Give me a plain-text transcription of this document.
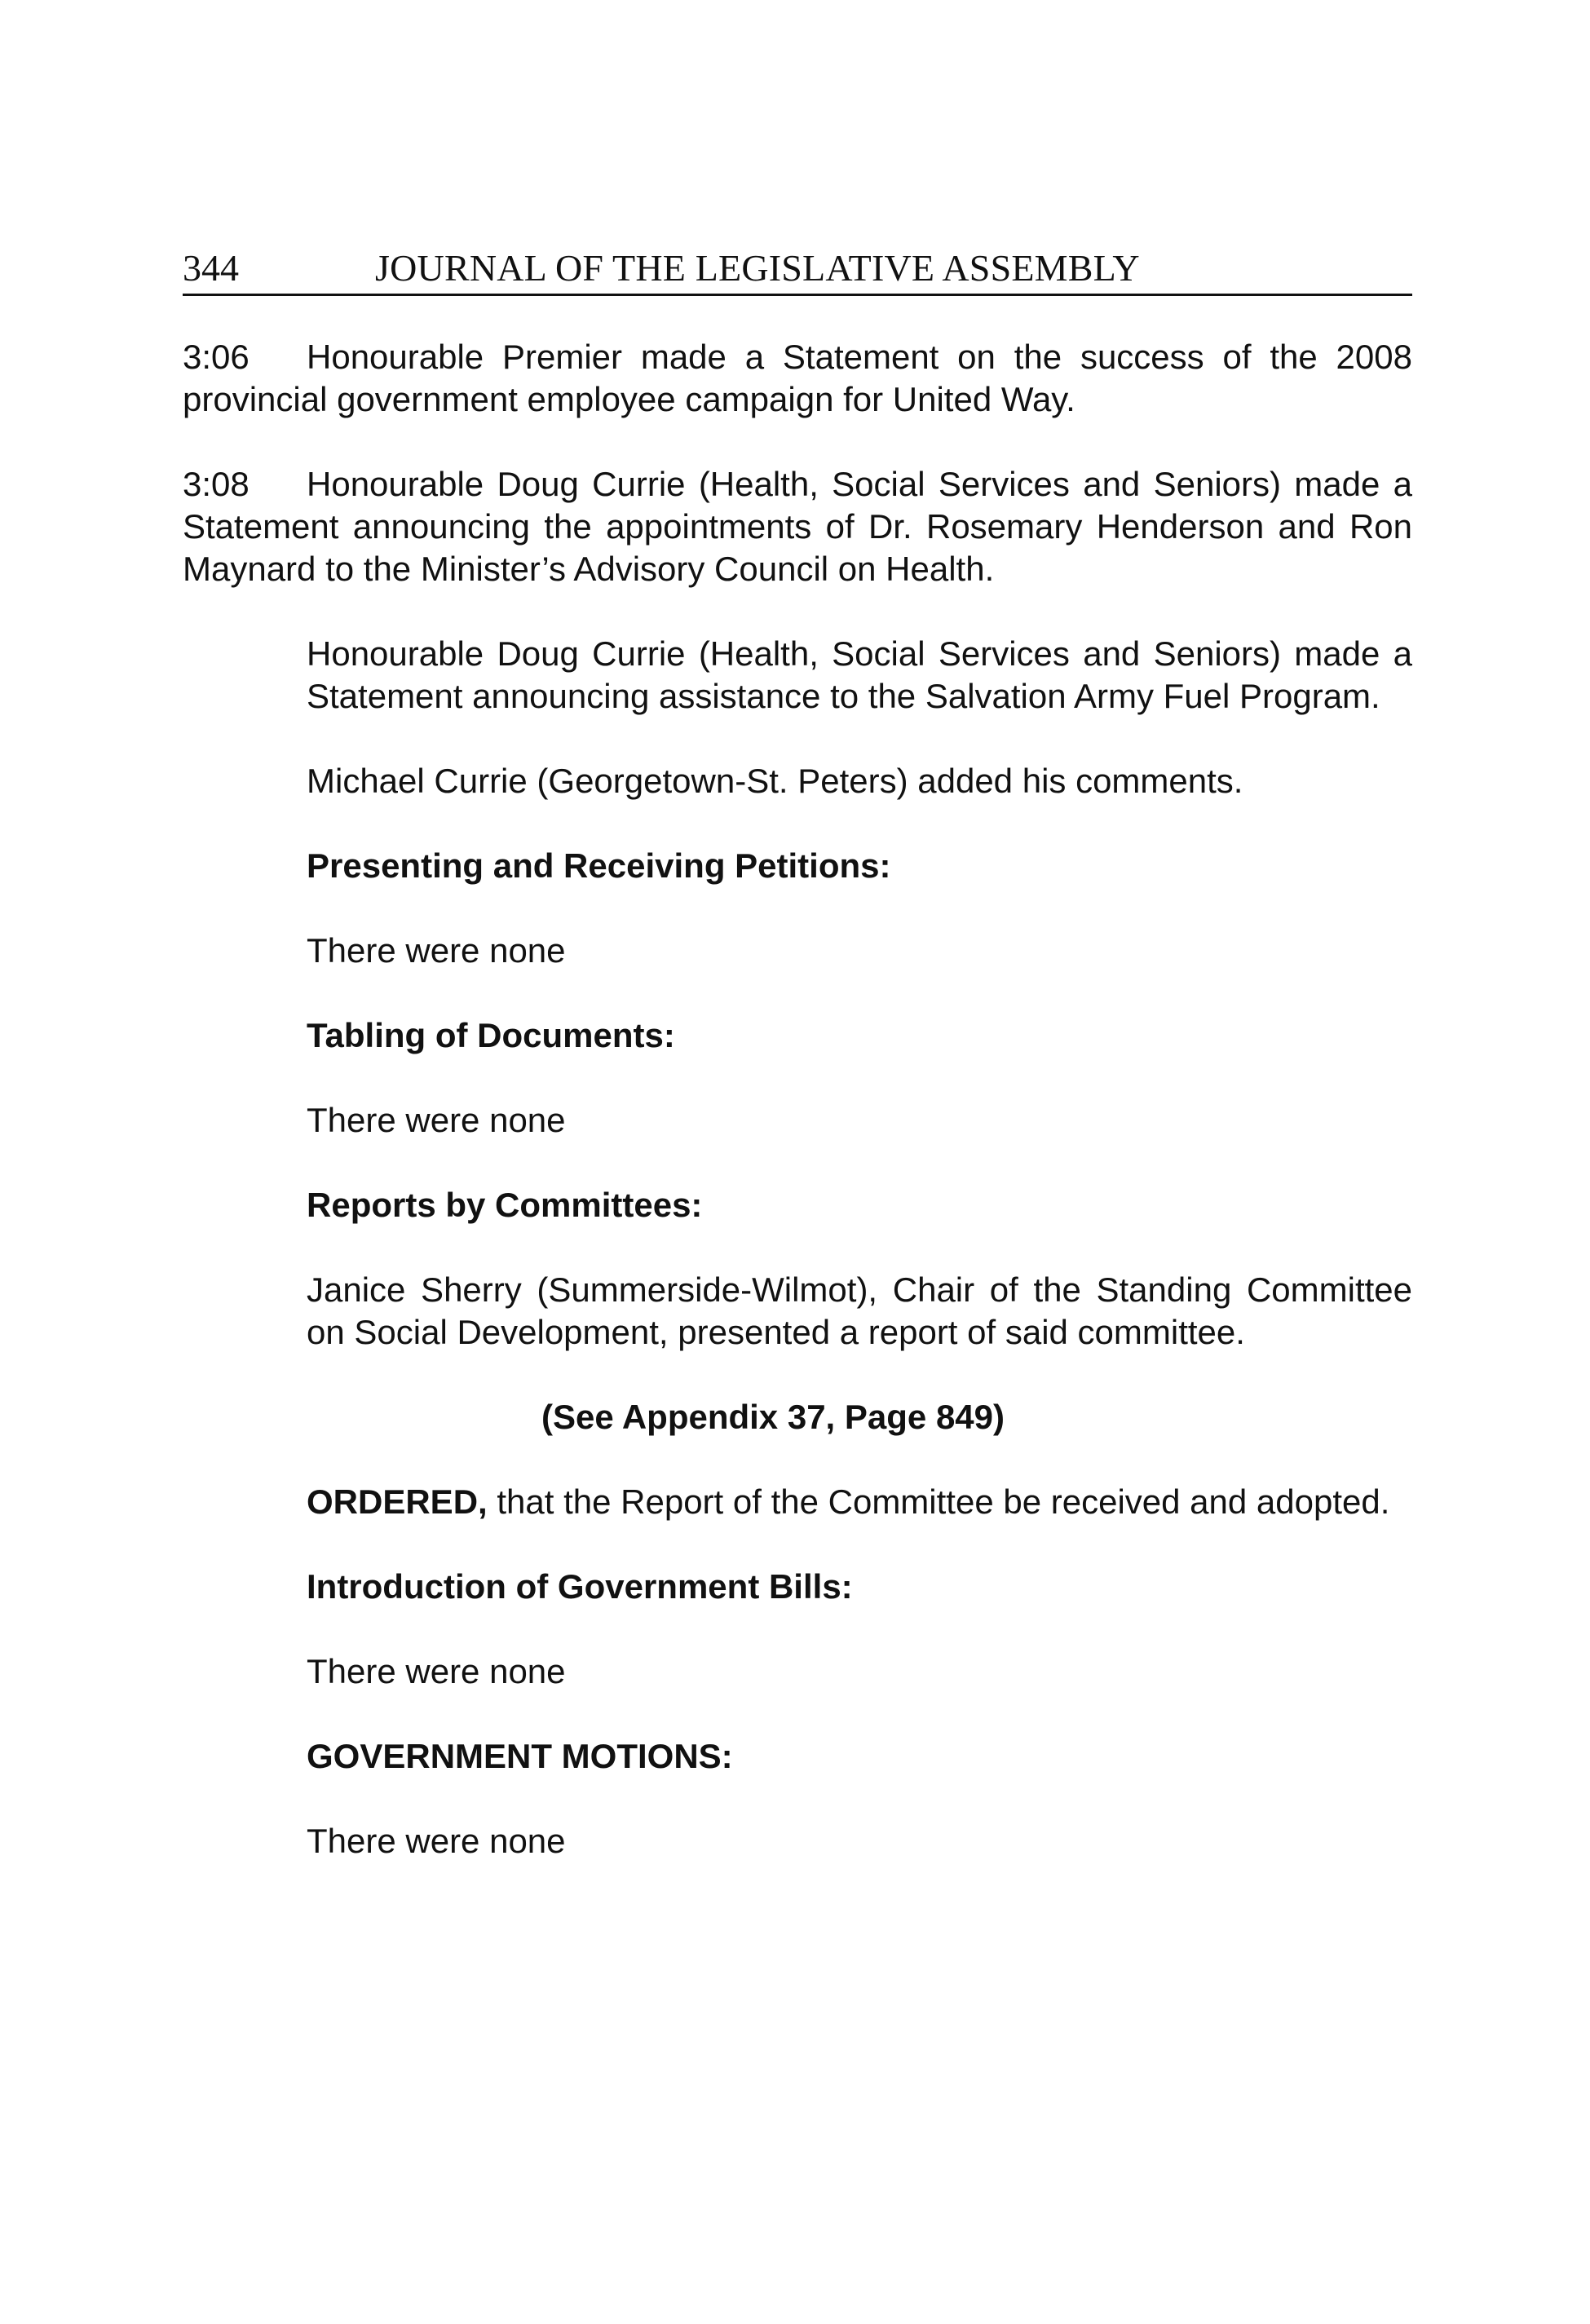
344	JOURNAL OF THE LEGISLATIVE ASSEMBLY

3:06 Honourable Premier made a Statement on the success of the 2008 provincial government employee campaign for United Way.

3:08 Honourable Doug Currie (Health, Social Services and Seniors) made a Statement announcing the appointments of Dr. Rosemary Henderson and Ron Maynard to the Minister’s Advisory Council on Health.

Honourable Doug Currie (Health, Social Services and Seniors) made a Statement announcing assistance to the Salvation Army Fuel Program.

Michael Currie (Georgetown-St. Peters) added his comments.

Presenting and Receiving Petitions:

There were none

Tabling of Documents:

There were none

Reports by Committees:

Janice Sherry (Summerside-Wilmot), Chair of the Standing Committee on Social Development, presented a report of said committee.

(See Appendix 37, Page 849)

ORDERED, that the Report of the Committee be received and adopted.

Introduction of Government Bills:

There were none

GOVERNMENT MOTIONS:

There were none
